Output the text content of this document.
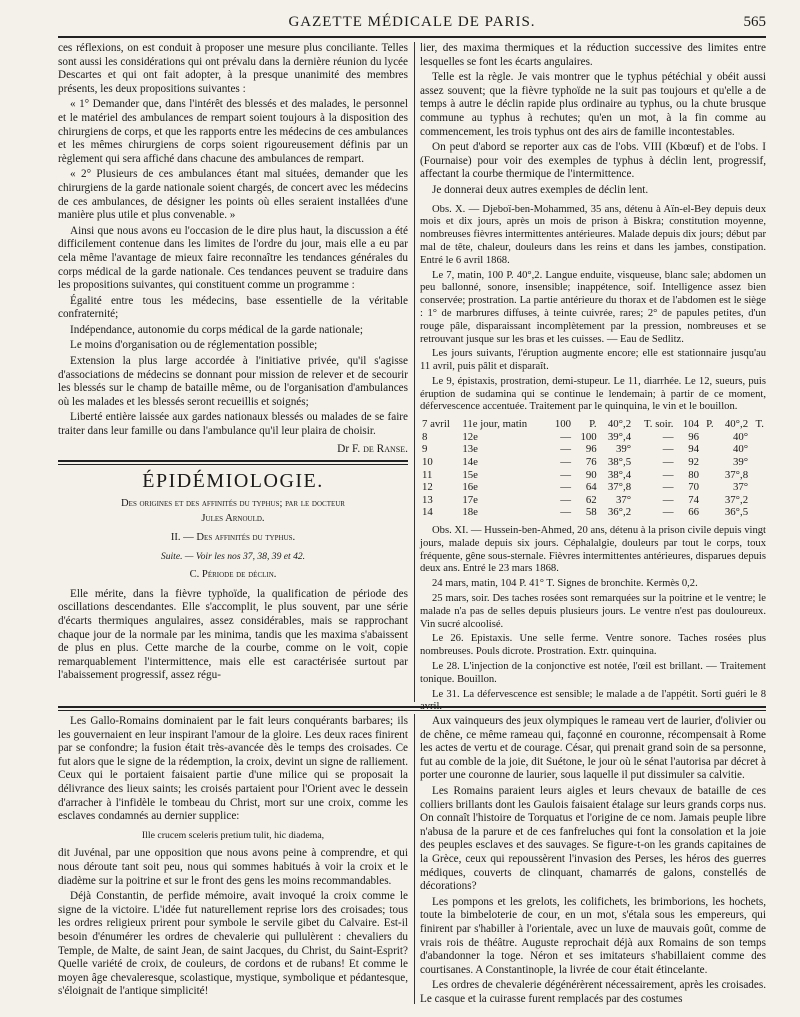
GAZETTE MÉDICALE DE PARIS.	565

ces réflexions, on est conduit à proposer une mesure plus conciliante. Telles sont aussi les considérations qui ont prévalu dans la dernière réunion du lycée Descartes et qui ont fait adopter, à la presque unanimité des membres présents, les deux propositions suivantes :

« 1° Demander que, dans l'intérêt des blessés et des malades, le personnel et le matériel des ambulances de rempart soient toujours à la disposition des chirurgiens de corps, et que les rapports entre les médecins de ces ambulances et les mêmes chirurgiens de corps soient rigoureusement définis par un règlement qui sera affiché dans chacune des ambulances de rempart.

« 2° Plusieurs de ces ambulances étant mal situées, demander que les chirurgiens de la garde nationale soient chargés, de concert avec les médecins de ces ambulances, de désigner les points où elles seraient installées d'une manière plus utile et plus convenable. »

Ainsi que nous avons eu l'occasion de le dire plus haut, la discussion a été difficilement contenue dans les limites de l'ordre du jour, mais elle a eu par cela même l'avantage de mieux faire reconnaître les tendances générales du corps médical de la garde nationale. Ces tendances peuvent se traduire dans les propositions suivantes, qui constituent comme un programme :

Égalité entre tous les médecins, base essentielle de la véritable confraternité;

Indépendance, autonomie du corps médical de la garde nationale;

Le moins d'organisation ou de réglementation possible;

Extension la plus large accordée à l'initiative privée, qu'il s'agisse d'associations de médecins se donnant pour mission de relever et de secourir les blessés sur le champ de bataille même, ou de l'organisation d'ambulances où les malades et les blessés seront recueillis et soignés;

Liberté entière laissée aux gardes nationaux blessés ou malades de se faire traiter dans leur famille ou dans l'ambulance qu'il leur plaira de choisir.

Dr F. de Ranse.

ÉPIDÉMIOLOGIE.

Des origines et des affinités du typhus; par le docteur

Jules Arnould.

II. — Des affinités du typhus.

Suite. — Voir les nos 37, 38, 39 et 42.

C. Période de déclin.

Elle mérite, dans la fièvre typhoïde, la qualification de période des oscillations descendantes. Elle s'accomplit, le plus souvent, par une série d'écarts thermiques angulaires, assez considérables, mais se rapprochant chaque jour de la normale par les minima, tandis que les maxima s'abaissent de plus en plus. Cette marche de la courbe, comme on le voit, copie remarquablement l'intermittence, mais elle est caractérisée surtout par l'abaissement progressif, assez régu-

lier, des maxima thermiques et la réduction successive des limites entre lesquelles se font les écarts angulaires.

Telle est la règle. Je vais montrer que le typhus pétéchial y obéit aussi assez souvent; que la fièvre typhoïde ne la suit pas toujours et qu'elle a de temps à autre le déclin rapide plus ordinaire au typhus, ou la chute brusque commune au typhus à rechutes; qu'en un mot, à la fin comme au commencement, les trois typhus ont des airs de famille incontestables.

On peut d'abord se reporter aux cas de l'obs. VIII (Kbœuf) et de l'obs. I (Fournaise) pour voir des exemples de typhus à déclin lent, progressif, affectant la courbe thermique de l'intermittence.

Je donnerai deux autres exemples de déclin lent.

Obs. X. — Djeboï-ben-Mohammed, 35 ans, détenu à Aïn-el-Bey depuis deux mois et dix jours, après un mois de prison à Biskra; constitution moyenne, nombreuses fièvres intermittentes antérieures. Malade depuis dix jours; début par mal de tête, chaleur, douleurs dans les reins et dans les jambes, constipation. Entré le 6 avril 1868.

Le 7, matin, 100 P. 40°,2. Langue enduite, visqueuse, blanc sale; abdomen un peu ballonné, sonore, insensible; inappétence, soif. Intelligence assez bien conservée; prostration. La partie antérieure du thorax et de l'abdomen est le siège : 1° de marbrures diffuses, à teinte cuivrée, rares; 2° de papules petites, d'un rouge pâle, disparaissant incomplètement par la pression, nombreuses et se retrouvant jusque sur les bras et les cuisses. — Eau de Sedlitz.

Les jours suivants, l'éruption augmente encore; elle est stationnaire jusqu'au 11 avril, puis pâlit et disparaît.

Le 9, épistaxis, prostration, demi-stupeur. Le 11, diarrhée. Le 12, sueurs, puis éruption de sudamina qui se continue le lendemain; à partir de ce moment, défervescence accentuée. Traitement par le quinquina, le vin et le bouillon.

7 avril	11e jour, matin	100	P.	40°,2	T. soir.	104	P.	40°,2	T.
8	12e	—	100	39°,4	—	96		40°	
9	13e	—	96	39°	—	94		40°	
10	14e	—	76	38°,5	—	92		39°	
11	15e	—	90	38°,4	—	80		37°,8	
12	16e	—	64	37°,8	—	70		37°	
13	17e	—	62	37°	—	74		37°,2	
14	18e	—	58	36°,2	—	66		36°,5	

Obs. XI. — Hussein-ben-Ahmed, 20 ans, détenu à la prison civile depuis vingt jours, malade depuis six jours. Céphalalgie, douleurs par tout le corps, toux fréquente, gêne sous-sternale. Fièvres intermittentes antérieures, disparues depuis deux ans. Entré le 23 mars 1868.

24 mars, matin, 104 P. 41° T. Signes de bronchite. Kermès 0,2.

25 mars, soir. Des taches rosées sont remarquées sur la poitrine et le ventre; le malade n'a pas de selles depuis plusieurs jours. Le ventre n'est pas douloureux. Vin sucré alcoolisé.

Le 26. Epistaxis. Une selle ferme. Ventre sonore. Taches rosées plus nombreuses. Pouls dicrote. Prostration. Extr. quinquina.

Le 28. L'injection de la conjonctive est notée, l'œil est brillant. — Traitement tonique. Bouillon.

Le 31. La défervescence est sensible; le malade a de l'appétit. Sorti guéri le 8 avril.

Les Gallo-Romains dominaient par le fait leurs conquérants barbares; ils les gouvernaient en leur inspirant l'amour de la gloire. Les deux races finirent par se confondre; la fusion était très-avancée dès le temps des croisades. Ce fut alors que le signe de la rédemption, la croix, devint un signe de ralliement. Ceux qui le portaient faisaient partie d'une milice qui se proposait la délivrance des lieux saints; les croisés partaient pour l'Orient avec le dessein d'arracher à l'infidèle le tombeau du Christ, mort sur une croix, comme les esclaves condamnés au dernier supplice:

Ille crucem sceleris pretium tulit, hic diadema,

dit Juvénal, par une opposition que nous avons peine à comprendre, et qui nous déroute tant soit peu, nous qui sommes habitués à voir la croix et le diadème sur la poitrine et sur le front des gens les moins recommandables.

Déjà Constantin, de perfide mémoire, avait invoqué la croix comme le signe de la victoire. L'idée fut naturellement reprise lors des croisades; tous les ordres religieux prirent pour symbole le servile gibet du Calvaire. Est-il besoin d'énumérer les ordres de chevalerie qui pullulèrent : chevaliers du Temple, de Malte, de saint Jean, de saint Jacques, du Christ, du Saint-Esprit? Quelle variété de croix, de couleurs, de cordons et de rubans! Et comme le moyen âge chevaleresque, scolastique, mystique, symbolique et pédantesque, s'éloignait de l'antique simplicité!

Aux vainqueurs des jeux olympiques le rameau vert de laurier, d'olivier ou de chêne, ce même rameau qui, façonné en couronne, récompensait à Rome les actes de vertu et de courage. César, qui prenait grand soin de sa personne, fut au comble de la joie, dit Suétone, le jour où le sénat l'autorisa par décret à porter une couronne de laurier, sous laquelle il put dissimuler sa calvitie.

Les Romains paraient leurs aigles et leurs chevaux de bataille de ces colliers brillants dont les Gaulois faisaient étalage sur leurs grands corps nus. On connaît l'histoire de Torquatus et l'origine de ce nom. Jamais peuple libre n'abusa de la parure et de ces fanfreluches qui font la consolation et la joie des peuples esclaves et des sauvages. Se figure-t-on les grands capitaines de la Grèce, ceux qui repoussèrent l'invasion des Perses, les héros des guerres médiques, couverts de clinquant, chamarrés de galons, constellés de décorations?

Les pompons et les grelots, les colifichets, les brimborions, les hochets, toute la bimbeloterie de cour, en un mot, s'étala sous les empereurs, qui finirent par s'habiller à l'orientale, avec un luxe de mauvais goût, comme de vrais rois de théâtre. Auguste reprochait déjà aux Romains de son temps d'abandonner la toge. Néron et ses imitateurs s'habillaient comme des courtisanes. A Constantinople, la livrée de cour était étincelante.

Les ordres de chevalerie dégénérèrent nécessairement, après les croisades. Le casque et la cuirasse furent remplacés par des costumes
